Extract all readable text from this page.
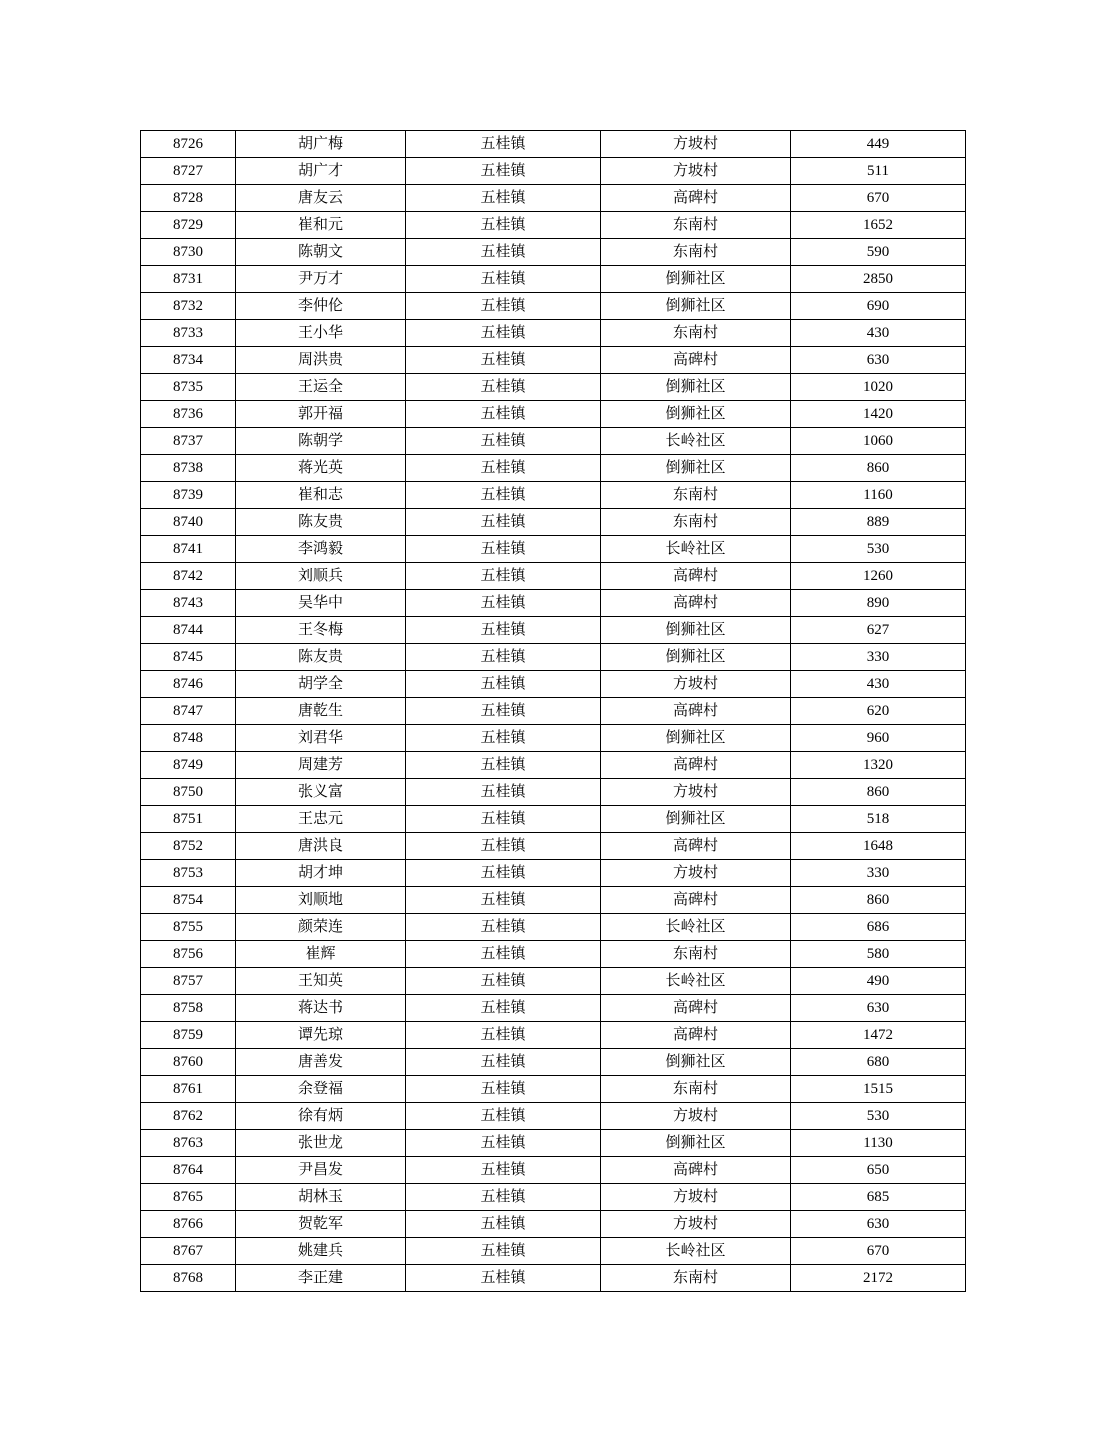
8726	胡广梅	五桂镇	方坡村	449
8727	胡广才	五桂镇	方坡村	511
8728	唐友云	五桂镇	高碑村	670
8729	崔和元	五桂镇	东南村	1652
8730	陈朝文	五桂镇	东南村	590
8731	尹万才	五桂镇	倒狮社区	2850
8732	李仲伦	五桂镇	倒狮社区	690
8733	王小华	五桂镇	东南村	430
8734	周洪贵	五桂镇	高碑村	630
8735	王运全	五桂镇	倒狮社区	1020
8736	郭开福	五桂镇	倒狮社区	1420
8737	陈朝学	五桂镇	长岭社区	1060
8738	蒋光英	五桂镇	倒狮社区	860
8739	崔和志	五桂镇	东南村	1160
8740	陈友贵	五桂镇	东南村	889
8741	李鸿毅	五桂镇	长岭社区	530
8742	刘顺兵	五桂镇	高碑村	1260
8743	吴华中	五桂镇	高碑村	890
8744	王冬梅	五桂镇	倒狮社区	627
8745	陈友贵	五桂镇	倒狮社区	330
8746	胡学全	五桂镇	方坡村	430
8747	唐乾生	五桂镇	高碑村	620
8748	刘君华	五桂镇	倒狮社区	960
8749	周建芳	五桂镇	高碑村	1320
8750	张义富	五桂镇	方坡村	860
8751	王忠元	五桂镇	倒狮社区	518
8752	唐洪良	五桂镇	高碑村	1648
8753	胡才坤	五桂镇	方坡村	330
8754	刘顺地	五桂镇	高碑村	860
8755	颜荣连	五桂镇	长岭社区	686
8756	崔辉	五桂镇	东南村	580
8757	王知英	五桂镇	长岭社区	490
8758	蒋达书	五桂镇	高碑村	630
8759	谭先琼	五桂镇	高碑村	1472
8760	唐善发	五桂镇	倒狮社区	680
8761	余登福	五桂镇	东南村	1515
8762	徐有炳	五桂镇	方坡村	530
8763	张世龙	五桂镇	倒狮社区	1130
8764	尹昌发	五桂镇	高碑村	650
8765	胡林玉	五桂镇	方坡村	685
8766	贺乾军	五桂镇	方坡村	630
8767	姚建兵	五桂镇	长岭社区	670
8768	李正建	五桂镇	东南村	2172
